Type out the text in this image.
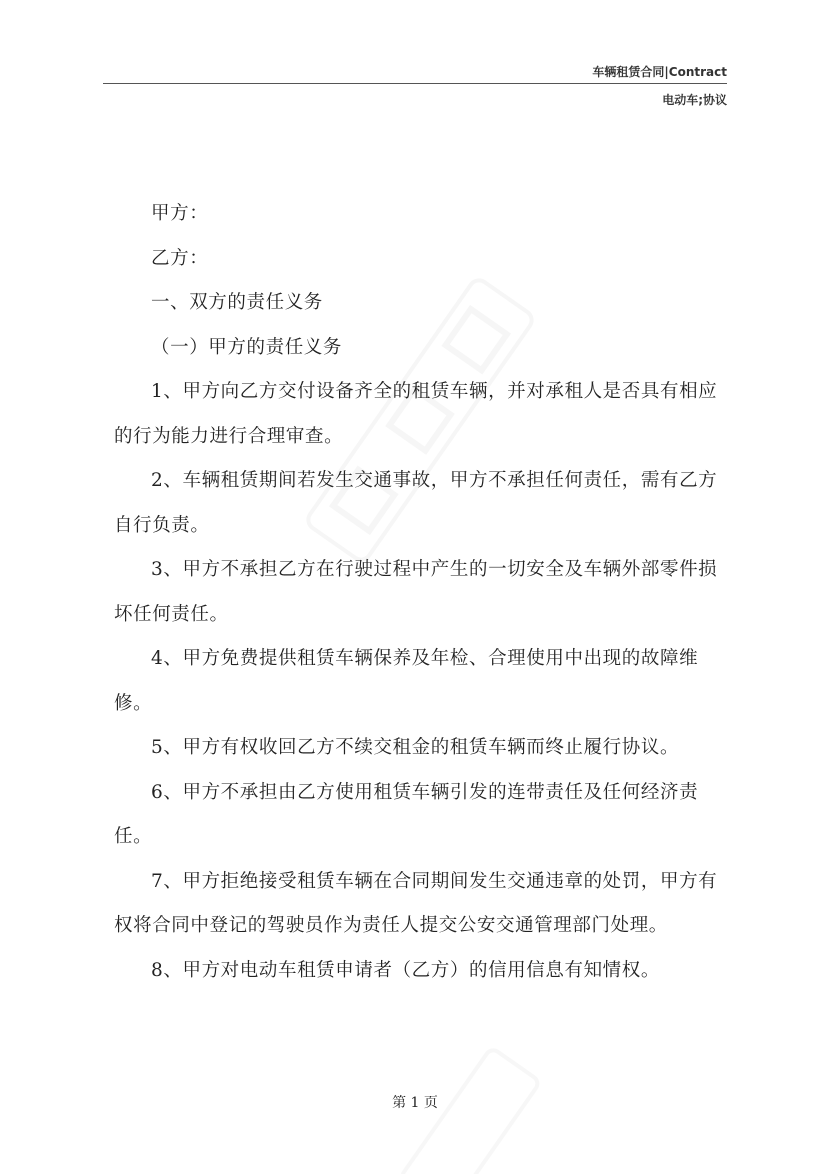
车辆租赁合同|Contract
电动车;协议

甲方：

乙方：

一、双方的责任义务

（一）甲方的责任义务

1、甲方向乙方交付设备齐全的租赁车辆，并对承租人是否具有相应的行为能力进行合理审查。

2、车辆租赁期间若发生交通事故，甲方不承担任何责任，需有乙方自行负责。

3、甲方不承担乙方在行驶过程中产生的一切安全及车辆外部零件损坏任何责任。

4、甲方免费提供租赁车辆保养及年检、合理使用中出现的故障维修。

5、甲方有权收回乙方不续交租金的租赁车辆而终止履行协议。

6、甲方不承担由乙方使用租赁车辆引发的连带责任及任何经济责任。

7、甲方拒绝接受租赁车辆在合同期间发生交通违章的处罚，甲方有权将合同中登记的驾驶员作为责任人提交公安交通管理部门处理。

8、甲方对电动车租赁申请者（乙方）的信用信息有知情权。

第 1 页
